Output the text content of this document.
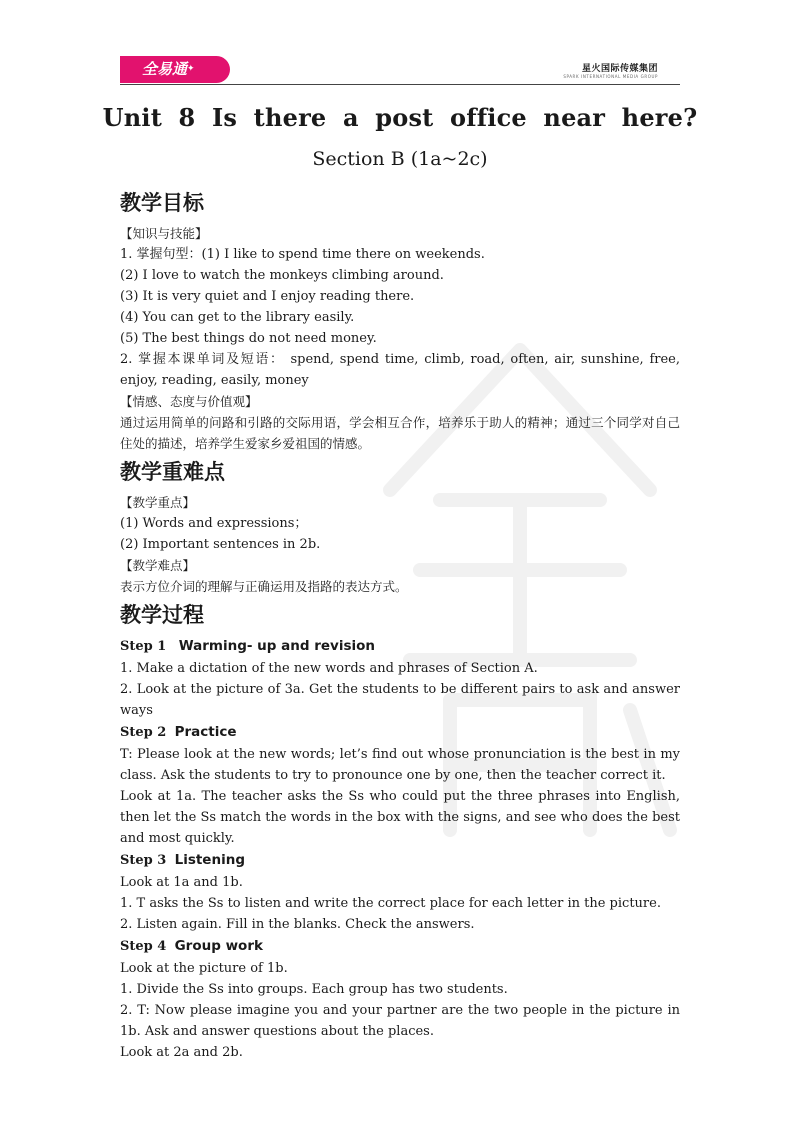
全易通✦	星火国际传媒集团
SPARK INTERNATIONAL MEDIA GROUP
Unit 8 Is there a post office near here?
Section B (1a~2c)
教学目标

【知识与技能】

1. 掌握句型：(1) I like to spend time there on weekends.

(2) I love to watch the monkeys climbing around.

(3) It is very quiet and I enjoy reading there.

(4) You can get to the library easily.

(5) The best things do not need money.

2. 掌握本课单词及短语： spend, spend time, climb, road, often, air, sunshine, free, enjoy, reading, easily, money

【情感、态度与价值观】

通过运用简单的问路和引路的交际用语，学会相互合作，培养乐于助人的精神；通过三个同学对自己住处的描述，培养学生爱家乡爱祖国的情感。

教学重难点

【教学重点】

(1) Words and expressions；

(2) Important sentences in 2b.

【教学难点】

表示方位介词的理解与正确运用及指路的表达方式。

教学过程

Step 1 Warming- up and revision

1. Make a dictation of the new words and phrases of Section A.

2. Look at the picture of 3a. Get the students to be different pairs to ask and answer ways

Step 2 Practice

T: Please look at the new words; let’s find out whose pronunciation is the best in my class. Ask the students to try to pronounce one by one, then the teacher correct it.

Look at 1a. The teacher asks the Ss who could put the three phrases into English, then let the Ss match the words in the box with the signs, and see who does the best and most quickly.

Step 3 Listening

Look at 1a and 1b.

1. T asks the Ss to listen and write the correct place for each letter in the picture.

2. Listen again. Fill in the blanks. Check the answers.

Step 4 Group work

Look at the picture of 1b.

1. Divide the Ss into groups. Each group has two students.

2. T: Now please imagine you and your partner are the two people in the picture in 1b. Ask and answer questions about the places.

Look at 2a and 2b.
